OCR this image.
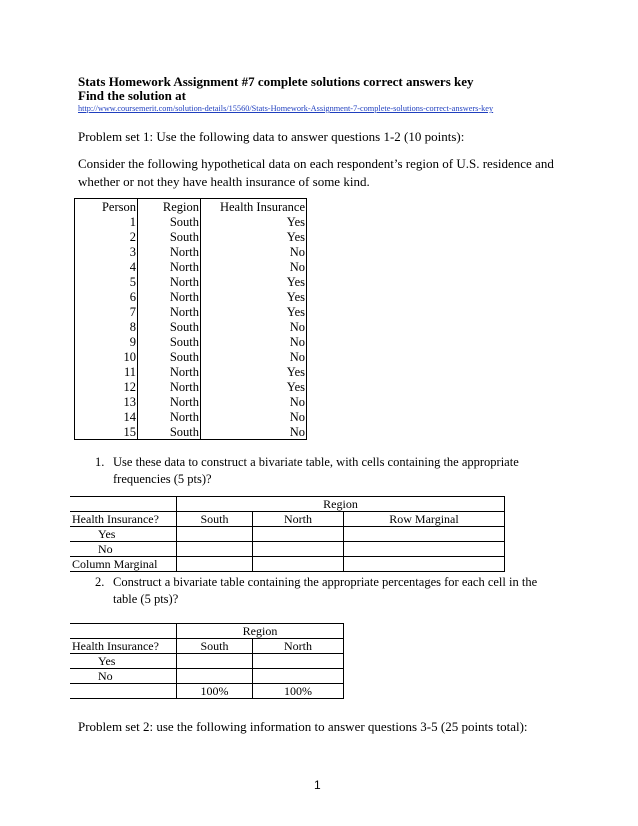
Stats Homework Assignment #7 complete solutions correct answers key
Find the solution at
http://www.coursemerit.com/solution-details/15560/Stats-Homework-Assignment-7-complete-solutions-correct-answers-key
Problem set 1: Use the following data to answer questions 1-2 (10 points):
Consider the following hypothetical data on each respondent’s region of U.S. residence and
whether or not they have health insurance of some kind.
Person	Region	Health Insurance
1	South	Yes
2	South	Yes
3	North	No
4	North	No
5	North	Yes
6	North	Yes
7	North	Yes
8	South	No
9	South	No
10	South	No
11	North	Yes
12	North	Yes
13	North	No
14	North	No
15	South	No
1. Use these data to construct a bivariate table, with cells containing the appropriate
frequencies (5 pts)?
	Region		
Health Insurance?	South	North	Row Marginal
Yes			
No			
Column Marginal			
2. Construct a bivariate table containing the appropriate percentages for each cell in the
table (5 pts)?
	Region	
Health Insurance?	South	North
Yes		
No		
	100%	100%
Problem set 2: use the following information to answer questions 3-5 (25 points total):
1
